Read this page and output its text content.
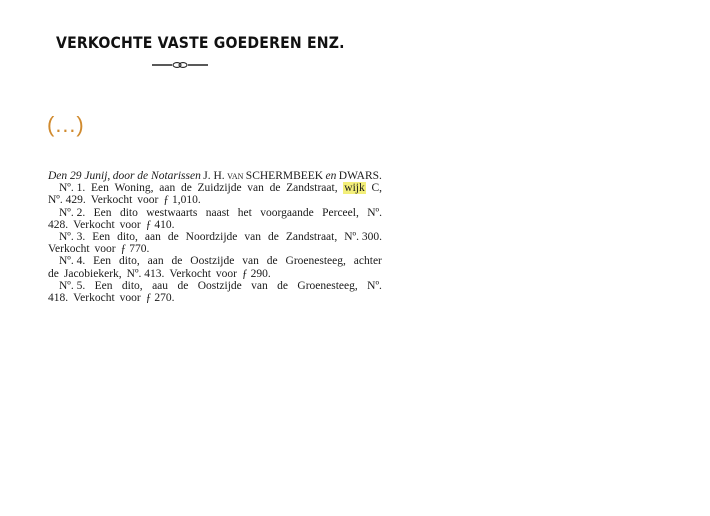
VERKOCHTE VASTE GOEDEREN ENZ.
(…)
Den 29 Junij, door de Notarissen J. H. van SCHERMBEEK en DWARS.
Nº. 1. Een Woning, aan de Zuidzijde van de Zandstraat, wijk C,
Nº. 429. Verkocht voor ƒ 1,010.
Nº. 2. Een dito westwaarts naast het voorgaande Perceel, Nº.
428. Verkocht voor ƒ 410.
Nº. 3. Een dito, aan de Noordzijde van de Zandstraat, Nº. 300.
Verkocht voor ƒ 770.
Nº. 4. Een dito, aan de Oostzijde van de Groenesteeg, achter
de Jacobiekerk, Nº. 413. Verkocht voor ƒ 290.
Nº. 5. Een dito, aau de Oostzijde van de Groenesteeg, Nº.
418. Verkocht voor ƒ 270.
